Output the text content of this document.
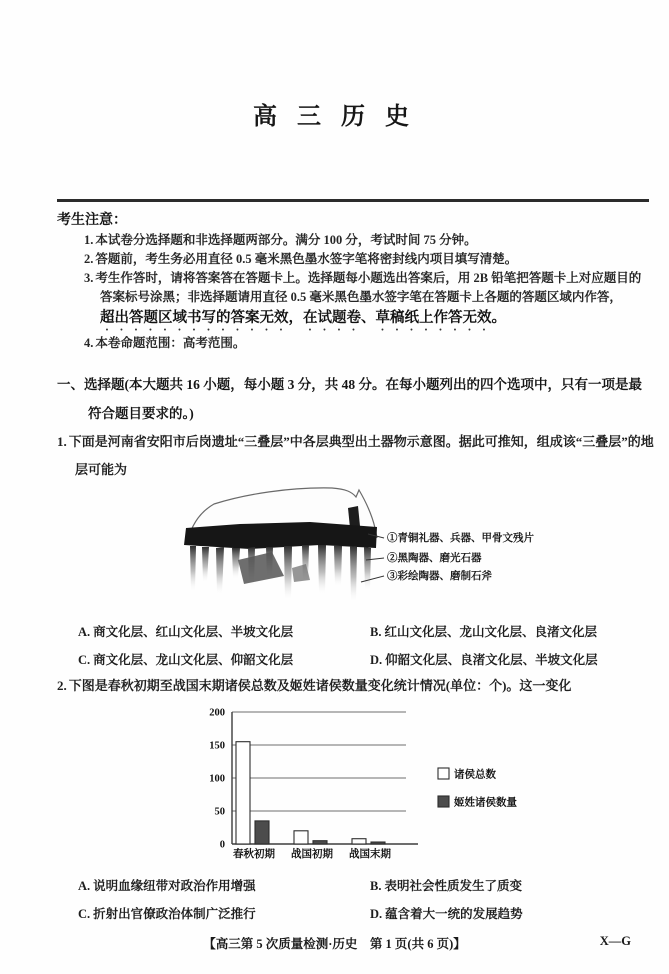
高 三 历 史
考生注意：
1. 本试卷分选择题和非选择题两部分。满分 100 分，考试时间 75 分钟。
2. 答题前，考生务必用直径 0.5 毫米黑色墨水签字笔将密封线内项目填写清楚。
3. 考生作答时，请将答案答在答题卡上。选择题每小题选出答案后，用 2B 铅笔把答题卡上对应题目的答案标号涂黑；非选择题请用直径 0.5 毫米黑色墨水签字笔在答题卡上各题的答题区域内作答，
超出答题区域书写的答案无效，在试题卷、草稿纸上作答无效。
4. 本卷命题范围：高考范围。
一、选择题(本大题共 16 小题，每小题 3 分，共 48 分。在每小题列出的四个选项中，只有一项是最符合题目要求的。)
1. 下面是河南省安阳市后岗遗址“三叠层”中各层典型出土器物示意图。据此可推知，组成该“三叠层”的地层可能为
①青铜礼器、兵器、甲骨文残片
②黑陶器、磨光石器
③彩绘陶器、磨制石斧
A. 商文化层、红山文化层、半坡文化层	B. 红山文化层、龙山文化层、良渚文化层
C. 商文化层、龙山文化层、仰韶文化层	D. 仰韶文化层、良渚文化层、半坡文化层
2. 下图是春秋初期至战国末期诸侯总数及姬姓诸侯数量变化统计情况(单位：个)。这一变化
0
50
100
150
200
春秋初期 战国初期 战国末期
诸侯总数
姬姓诸侯数量
A. 说明血缘纽带对政治作用增强	B. 表明社会性质发生了质变
C. 折射出官僚政治体制广泛推行	D. 蕴含着大一统的发展趋势
【高三第 5 次质量检测·历史　第 1 页(共 6 页)】	X—G
